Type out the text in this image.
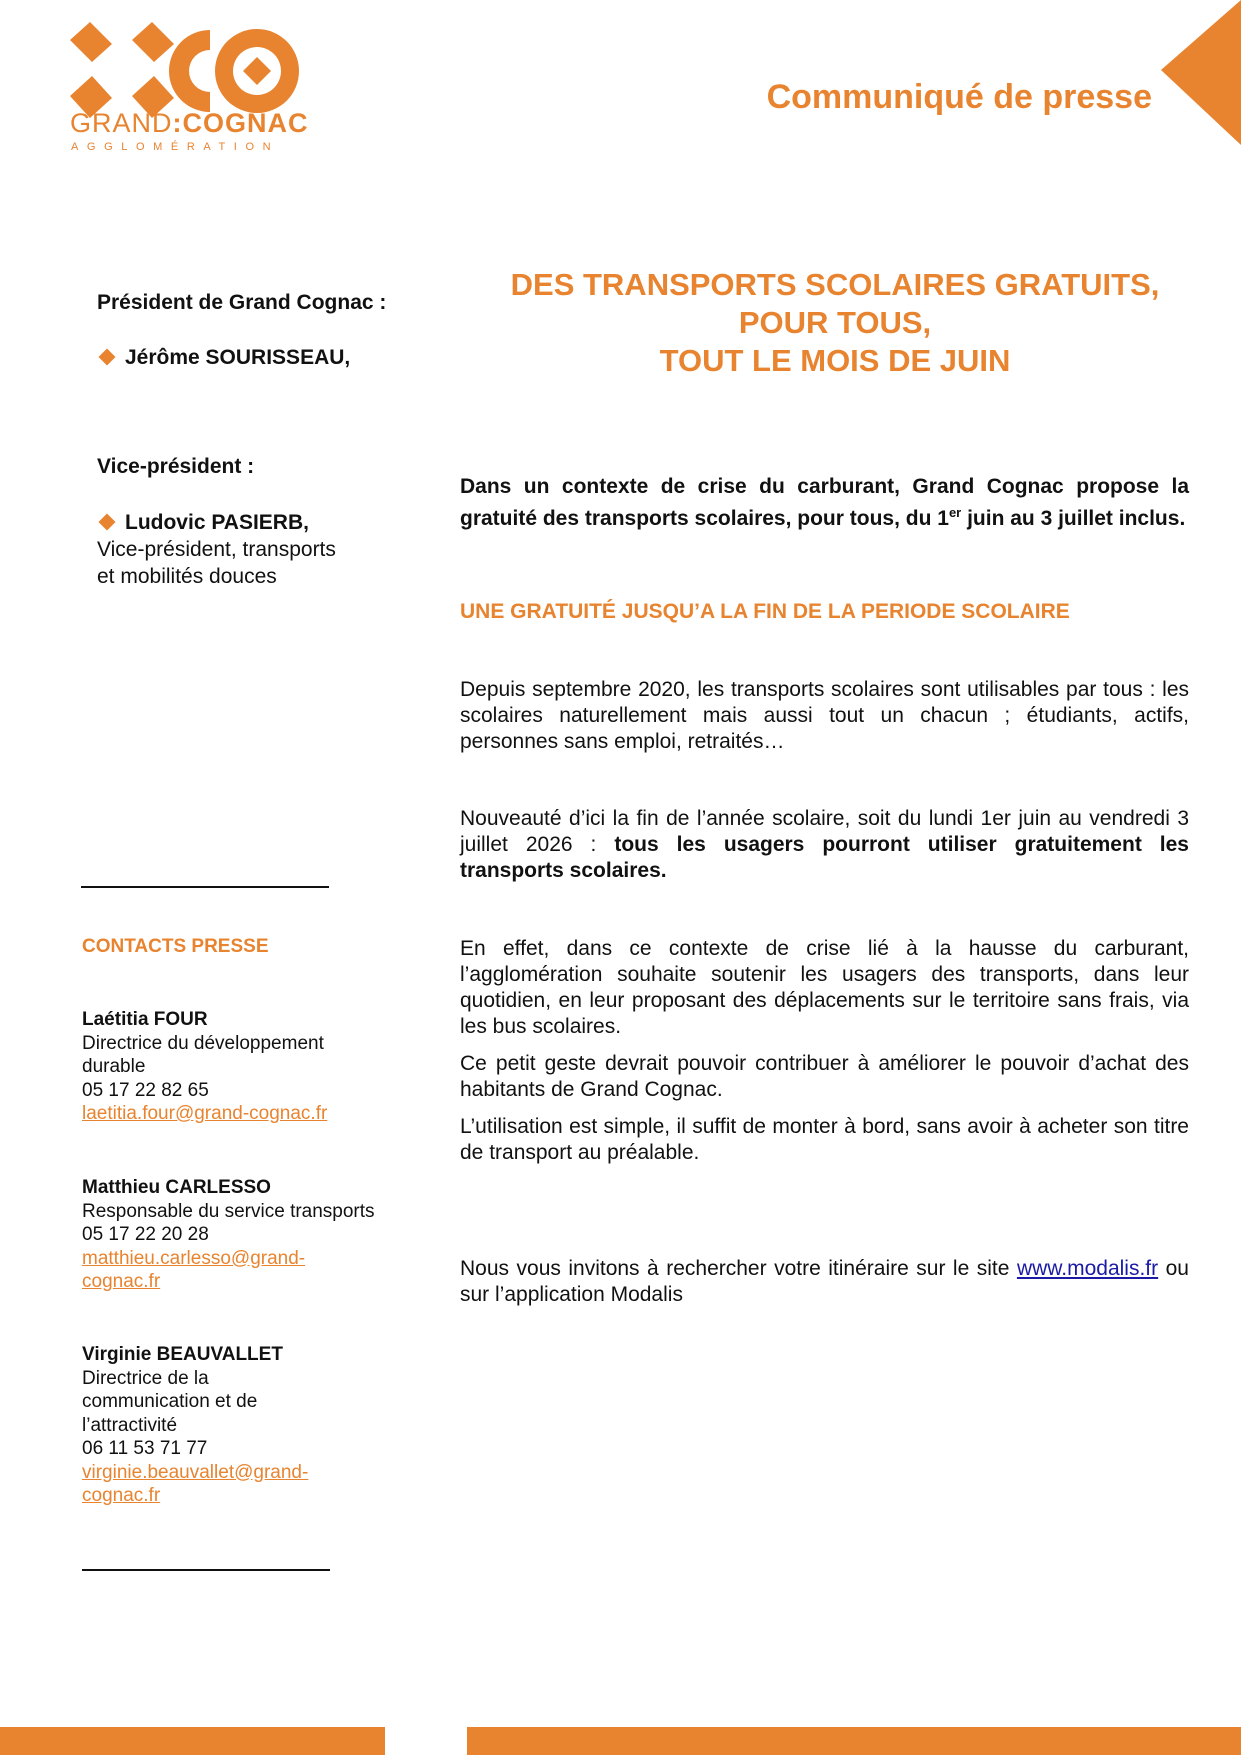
GRAND:COGNAC
AGGLOMÉRATION
Communiqué de presse
Président de Grand Cognac :
Jérôme SOURISSEAU,
Vice-président :
Ludovic PASIERB,
Vice-président, transports
et mobilités douces
CONTACTS PRESSE
Laétitia FOUR
Directrice du développement
durable
05 17 22 82 65
laetitia.four@grand-cognac.fr
Matthieu CARLESSO
Responsable du service transports
05 17 22 20 28
matthieu.carlesso@grand-
cognac.fr
Virginie BEAUVALLET
Directrice de la
communication et de
l’attractivité
06 11 53 71 77
virginie.beauvallet@grand-
cognac.fr
DES TRANSPORTS SCOLAIRES GRATUITS,
POUR TOUS,
TOUT LE MOIS DE JUIN

Dans un contexte de crise du carburant, Grand Cognac propose la gratuité des transports scolaires, pour tous, du 1er juin au 3 juillet inclus.

UNE GRATUITÉ JUSQU’A LA FIN DE LA PERIODE SCOLAIRE

Depuis septembre 2020, les transports scolaires sont utilisables par tous : les scolaires naturellement mais aussi tout un chacun ; étudiants, actifs, personnes sans emploi, retraités…

Nouveauté d’ici la fin de l’année scolaire, soit du lundi 1er juin au vendredi 3 juillet 2026 : tous les usagers pourront utiliser gratuitement les transports scolaires.

En effet, dans ce contexte de crise lié à la hausse du carburant, l’agglomération souhaite soutenir les usagers des transports, dans leur quotidien, en leur proposant des déplacements sur le territoire sans frais, via les bus scolaires.

Ce petit geste devrait pouvoir contribuer à améliorer le pouvoir d’achat des habitants de Grand Cognac.

L’utilisation est simple, il suffit de monter à bord, sans avoir à acheter son titre de transport au préalable.

Nous vous invitons à rechercher votre itinéraire sur le site www.modalis.fr ou sur l’application Modalis
